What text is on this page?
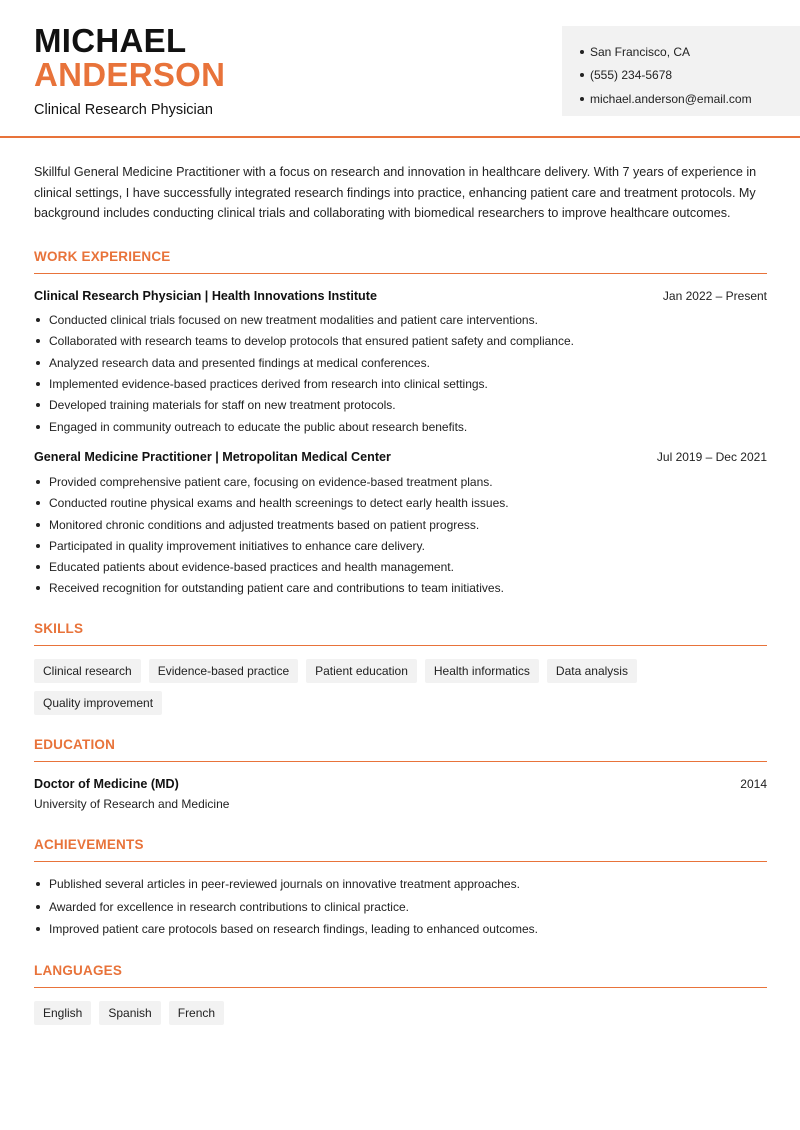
MICHAEL
ANDERSON
Clinical Research Physician
San Francisco, CA
(555) 234-5678
michael.anderson@email.com

Skillful General Medicine Practitioner with a focus on research and innovation in healthcare delivery. With 7 years of experience in clinical settings, I have successfully integrated research findings into practice, enhancing patient care and treatment protocols. My background includes conducting clinical trials and collaborating with biomedical researchers to improve healthcare outcomes.

WORK EXPERIENCE
Clinical Research Physician | Health Innovations Institute	Jan 2022 – Present
Conducted clinical trials focused on new treatment modalities and patient care interventions.
Collaborated with research teams to develop protocols that ensured patient safety and compliance.
Analyzed research data and presented findings at medical conferences.
Implemented evidence-based practices derived from research into clinical settings.
Developed training materials for staff on new treatment protocols.
Engaged in community outreach to educate the public about research benefits.
General Medicine Practitioner | Metropolitan Medical Center	Jul 2019 – Dec 2021
Provided comprehensive patient care, focusing on evidence-based treatment plans.
Conducted routine physical exams and health screenings to detect early health issues.
Monitored chronic conditions and adjusted treatments based on patient progress.
Participated in quality improvement initiatives to enhance care delivery.
Educated patients about evidence-based practices and health management.
Received recognition for outstanding patient care and contributions to team initiatives.
SKILLS
Clinical research	Evidence-based practice	Patient education	Health informatics	Data analysis
Quality improvement
EDUCATION
Doctor of Medicine (MD)	2014
University of Research and Medicine
ACHIEVEMENTS
Published several articles in peer-reviewed journals on innovative treatment approaches.
Awarded for excellence in research contributions to clinical practice.
Improved patient care protocols based on research findings, leading to enhanced outcomes.
LANGUAGES
English	Spanish	French
